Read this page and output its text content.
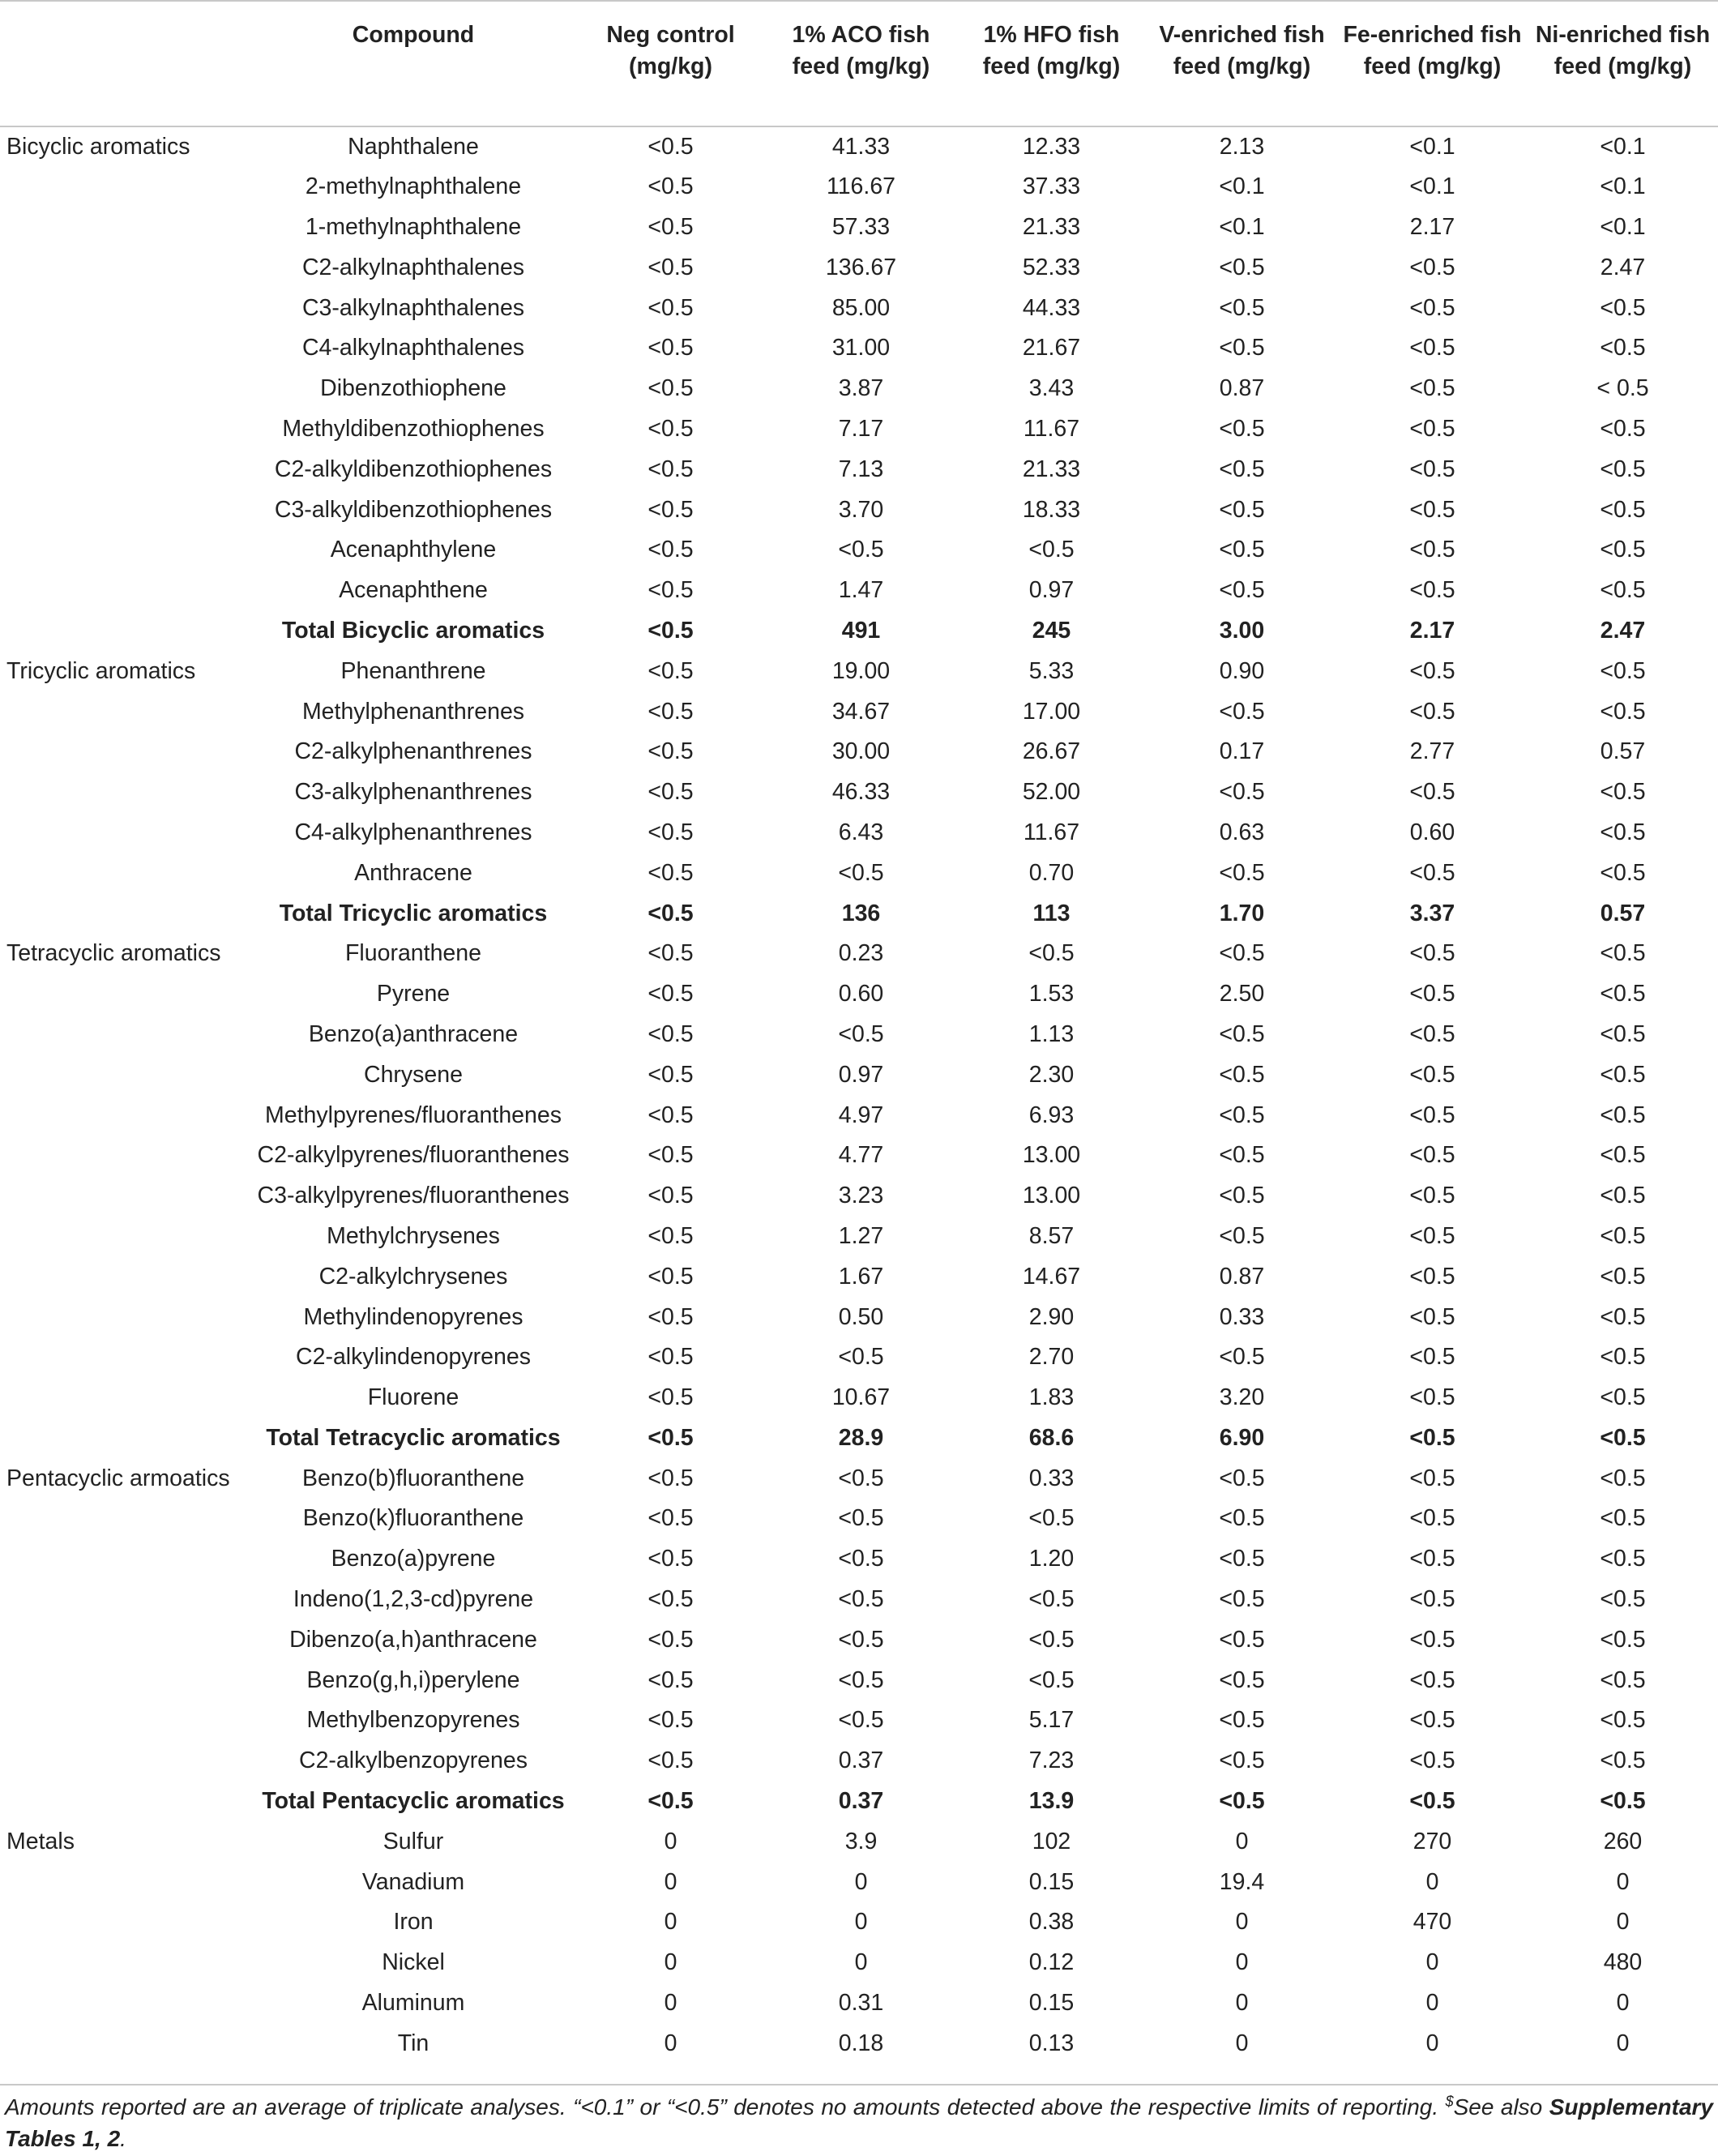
	Compound	Neg control (mg/kg)	1% ACO fish feed (mg/kg)	1% HFO fish feed (mg/kg)	V-enriched fish feed (mg/kg)	Fe-enriched fish feed (mg/kg)	Ni-enriched fish feed (mg/kg)
Bicyclic aromatics	Naphthalene	<0.5	41.33	12.33	2.13	<0.1	<0.1
	2-methylnaphthalene	<0.5	116.67	37.33	<0.1	<0.1	<0.1
	1-methylnaphthalene	<0.5	57.33	21.33	<0.1	2.17	<0.1
	C2-alkylnaphthalenes	<0.5	136.67	52.33	<0.5	<0.5	2.47
	C3-alkylnaphthalenes	<0.5	85.00	44.33	<0.5	<0.5	<0.5
	C4-alkylnaphthalenes	<0.5	31.00	21.67	<0.5	<0.5	<0.5
	Dibenzothiophene	<0.5	3.87	3.43	0.87	<0.5	< 0.5
	Methyldibenzothiophenes	<0.5	7.17	11.67	<0.5	<0.5	<0.5
	C2-alkyldibenzothiophenes	<0.5	7.13	21.33	<0.5	<0.5	<0.5
	C3-alkyldibenzothiophenes	<0.5	3.70	18.33	<0.5	<0.5	<0.5
	Acenaphthylene	<0.5	<0.5	<0.5	<0.5	<0.5	<0.5
	Acenaphthene	<0.5	1.47	0.97	<0.5	<0.5	<0.5
	Total Bicyclic aromatics	<0.5	491	245	3.00	2.17	2.47
Tricyclic aromatics	Phenanthrene	<0.5	19.00	5.33	0.90	<0.5	<0.5
	Methylphenanthrenes	<0.5	34.67	17.00	<0.5	<0.5	<0.5
	C2-alkylphenanthrenes	<0.5	30.00	26.67	0.17	2.77	0.57
	C3-alkylphenanthrenes	<0.5	46.33	52.00	<0.5	<0.5	<0.5
	C4-alkylphenanthrenes	<0.5	6.43	11.67	0.63	0.60	<0.5
	Anthracene	<0.5	<0.5	0.70	<0.5	<0.5	<0.5
	Total Tricyclic aromatics	<0.5	136	113	1.70	3.37	0.57
Tetracyclic aromatics	Fluoranthene	<0.5	0.23	<0.5	<0.5	<0.5	<0.5
	Pyrene	<0.5	0.60	1.53	2.50	<0.5	<0.5
	Benzo(a)anthracene	<0.5	<0.5	1.13	<0.5	<0.5	<0.5
	Chrysene	<0.5	0.97	2.30	<0.5	<0.5	<0.5
	Methylpyrenes/fluoranthenes	<0.5	4.97	6.93	<0.5	<0.5	<0.5
	C2-alkylpyrenes/fluoranthenes	<0.5	4.77	13.00	<0.5	<0.5	<0.5
	C3-alkylpyrenes/fluoranthenes	<0.5	3.23	13.00	<0.5	<0.5	<0.5
	Methylchrysenes	<0.5	1.27	8.57	<0.5	<0.5	<0.5
	C2-alkylchrysenes	<0.5	1.67	14.67	0.87	<0.5	<0.5
	Methylindenopyrenes	<0.5	0.50	2.90	0.33	<0.5	<0.5
	C2-alkylindenopyrenes	<0.5	<0.5	2.70	<0.5	<0.5	<0.5
	Fluorene	<0.5	10.67	1.83	3.20	<0.5	<0.5
	Total Tetracyclic aromatics	<0.5	28.9	68.6	6.90	<0.5	<0.5
Pentacyclic armoatics	Benzo(b)fluoranthene	<0.5	<0.5	0.33	<0.5	<0.5	<0.5
	Benzo(k)fluoranthene	<0.5	<0.5	<0.5	<0.5	<0.5	<0.5
	Benzo(a)pyrene	<0.5	<0.5	1.20	<0.5	<0.5	<0.5
	Indeno(1,2,3-cd)pyrene	<0.5	<0.5	<0.5	<0.5	<0.5	<0.5
	Dibenzo(a,h)anthracene	<0.5	<0.5	<0.5	<0.5	<0.5	<0.5
	Benzo(g,h,i)perylene	<0.5	<0.5	<0.5	<0.5	<0.5	<0.5
	Methylbenzopyrenes	<0.5	<0.5	5.17	<0.5	<0.5	<0.5
	C2-alkylbenzopyrenes	<0.5	0.37	7.23	<0.5	<0.5	<0.5
	Total Pentacyclic aromatics	<0.5	0.37	13.9	<0.5	<0.5	<0.5
Metals	Sulfur	0	3.9	102	0	270	260
	Vanadium	0	0	0.15	19.4	0	0
	Iron	0	0	0.38	0	470	0
	Nickel	0	0	0.12	0	0	480
	Aluminum	0	0.31	0.15	0	0	0
	Tin	0	0.18	0.13	0	0	0
Amounts reported are an average of triplicate analyses. “<0.1” or “<0.5” denotes no amounts detected above the respective limits of reporting. $See also Supplementary Tables 1, 2.
